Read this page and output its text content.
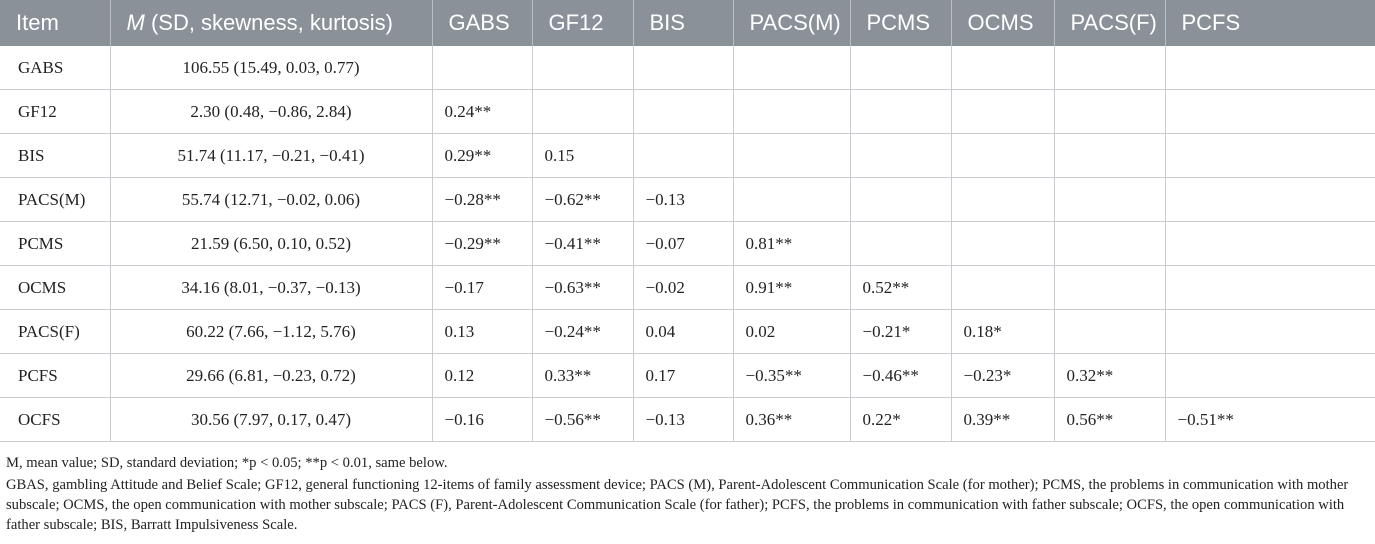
Item	M (SD, skewness, kurtosis)	GABS	GF12	BIS	PACS(M)	PCMS	OCMS	PACS(F)	PCFS
GABS	106.55 (15.49, 0.03, 0.77)								
GF12	2.30 (0.48, −0.86, 2.84)	0.24**							
BIS	51.74 (11.17, −0.21, −0.41)	0.29**	0.15						
PACS(M)	55.74 (12.71, −0.02, 0.06)	−0.28**	−0.62**	−0.13					
PCMS	21.59 (6.50, 0.10, 0.52)	−0.29**	−0.41**	−0.07	0.81**				
OCMS	34.16 (8.01, −0.37, −0.13)	−0.17	−0.63**	−0.02	0.91**	0.52**			
PACS(F)	60.22 (7.66, −1.12, 5.76)	0.13	−0.24**	0.04	0.02	−0.21*	0.18*		
PCFS	29.66 (6.81, −0.23, 0.72)	0.12	0.33**	0.17	−0.35**	−0.46**	−0.23*	0.32**	
OCFS	30.56 (7.97, 0.17, 0.47)	−0.16	−0.56**	−0.13	0.36**	0.22*	0.39**	0.56**	−0.51**

M, mean value; SD, standard deviation; *p < 0.05; **p < 0.01, same below.

GBAS, gambling Attitude and Belief Scale; GF12, general functioning 12-items of family assessment device; PACS (M), Parent-Adolescent Communication Scale (for mother); PCMS, the problems in communication with mother subscale; OCMS, the open communication with mother subscale; PACS (F), Parent-Adolescent Communication Scale (for father); PCFS, the problems in communication with father subscale; OCFS, the open communication with father subscale; BIS, Barratt Impulsiveness Scale.
